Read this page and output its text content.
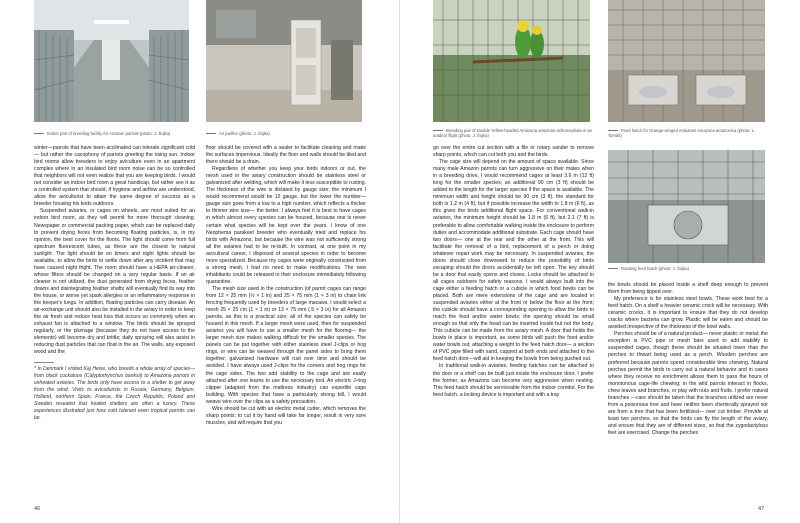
Indoor part of breeding facility for Amazon parrots (photo: J. Šojka)	Air purifier (photo: J. Šojka)

winter—parrots that have been acclimated can tolerate significant cold— but rather the cacophony of parrots greeting the rising sun. Indoor bird rooms allow breeders to enjoy aviculture even in an apartment complex where in an insulated bird room noise can be so controlled that neighbors will not even realize that you are keeping birds. I would not consider an indoor bird room a great handicap, but rather see it as a controlled system that should, if hygiene and airflow are understood, allow the aviculturist to attain the same degree of success as a breeder housing his birds outdoors.

Suspended aviaries, or cages on wheels, are most suited for an indoor bird room, as they will permit for more thorough cleaning. Newspaper or commercial packing paper, which can be replaced daily to prevent drying feces from becoming floating particles, is, in my opinion, the best cover for the floors. The light should come from full spectrum fluorescent tubes, as these are the closest to natural sunlight. The light should be on timers and night lights should be available, to allow the birds to settle down after any incident that may have caused night fright. The room should have a HEPA air-cleaner, whose filters should be changed on a very regular basis. If an air cleaner is not utilized, the dust generated from drying feces, feather downs and disintegrating feather shafts will eventually find its way into the house, or worse yet spark allergies or an inflammatory response in the keeper's lungs. In addition, floating particles can carry disease. An air-exchange unit should also be installed in the aviary in order to keep the air fresh and reduce heat loss that occurs so commonly when an exhaust fan is attached to a window. The birds should be sprayed regularly, or the plumage (because they do not have access to the elements) will become dry and brittle; daily spraying will also assist in reducing dust particles that can float in the air. The walls, any exposed wood and the

* In Denmark I visited Kaj Heise, who breeds a whole array of species—from black cockatoos (Calyptorhynchus banksii) to Amazona parrots in unheated aviaries. The birds only have access to a shelter to get away from the wind. Visits to aviculturists in Russia, Germany, Belgium, Holland, northern Spain, France, the Czech Republic, Poland and Sweden revealed that heated shelters are often a luxury. These experiences illustrated just how cold tolerant even tropical parrots can be.

floor should be covered with a sealer to facilitate cleaning and make the surfaces impervious. Ideally the floor and walls should be tiled and there should be a drain.

Regardless of whether you keep your birds indoors or out, the mesh used in the aviary construction should be stainless steel or galvanized after welding, which will make it less susceptible to rusting. The thickness of the wire is dictated by gauge size; the minimum I would recommend would be 12 gauge, but the lower the number— gauge size goes from a low to a high number, which reflects a thicker to thinner wire size— the better. I always feel it is best to have cages in which almost every species can be housed, because one is never certain what species will be kept over the years. I know of one Neophema parakeet breeder who eventually tried and replace his birds with Amazons, but because the wire was not sufficiently strong all the aviaries had to be re-built. In contrast, at one point in my avicultural career, I disposed of several species in order to become more specialized. Because my cages were originally constructed from a strong mesh, I had no need to make modifications. The new inhabitants could be released in their enclosure immediately following quarantine.

The mesh size used in the construction (of parrot cages can range from 12 × 25 mm (½ × 1 in) and 25 × 75 mm (1 × 3 in) to chain link fencing frequently used by breeders of large macaws. I would select a mesh 25 × 25 cm (1 × 1 in) or 13 × 75 mm (.5 × 3 in) for all Amazon parrots, as this is a practical size; all of the species can safely be housed in this mesh. If a larger mesh were used, then for suspended aviaries you will have to use a smaller mesh for the flooring— the larger mesh size makes walking difficult for the smaller species. The panels can be put together with either stainless steel J-clips or hog rings, or wire can be weaved through the panel sides to bring them together; galvanized hardware will rust over time and should be avoided. I have always used J-clips for the corners and hog rings for the cage sides. The two add stability to the cage and are easily attached after one learns to use the necessary tool. An electric J-ring clipper (adapted from the mattress industry) can expedite cage building. With species that have a particularly strong bill, I would weave wire over the clips as a safety precaution.

Wire should be cut with an electric metal cutter, which removes the sharp points; to cut it by hand will take far longer, result in very sore muscles, and will require that you

46
Breeding pair of Double Yellow-headed Amazona amazona ochrocephala in an outdoor flight (photo: J. Šojka)
Feed hatch for Orange-winged Amazons Amazona amazonica (photo: L. Tomáš)
Rotating feed hatch (photo: J. Šojka)

go over the entire cut section with a file or rotary sander to remove sharp points, which can cut both you and the birds.

The cage size will depend on the amount of space available. Since many male Amazon parrots can turn aggressive on their mates when in a breeding drive, I would recommend cages at least 3.6 m (12 ft) long for the smaller species; an additional 90 cm (3 ft) should be added to the length for the larger species if the space is available. The minimum width and height should be 90 cm (3 ft), the standard for both is 1.2 m (4 ft), but if possible increase the width to 1.8 m (6 ft), as this gives the birds additional flight space. For conventional walk-in aviaries, the minimum height should be 1.8 m (6 ft), but 2.1 (7 ft) is preferable to allow comfortable walking inside the enclosure to perform duties and accommodate additional substrate. Each cage should have two doors— one at the rear and the other at the front. This will facilitate the removal of a bird, replacement of a perch or doing whatever repair work may be necessary. In suspended aviaries, the doors should close downward to reduce the possibility of birds escaping should the doors accidentally be left open. The key should be a door that easily opens and closes. Locks should be attached to all cages outdoors for safety reasons. I would always built into the cage either a feeding hatch or a cubicle in which food bowls can be placed. Both are mere extensions of the cage and are located in suspended aviaries either at the front or below the floor at the front; the cubicle should have a corresponding opening to allow the birds to reach the food and/or water bowls; the opening should be small enough so that only the head can be inserted inside but not the body. This cubicle can be made from the aviary mesh. A door that holds the bowls in place is important, as some birds will push the food and/or water bowls out; attaching a weight to the feed hatch door— a section of PVC pipe filled with sand, capped at both ends and attached to the feed hatch door—will aid in keeping the bowls from being pushed out.

In traditional walk-in aviaries, feeding hatches can be attached to the door or a shelf can be built just inside the enclosure door. I prefer the former, as Amazons can become very aggressive when nesting. This feed hatch should be serviceable from the indoor corridor. For the feed hatch, a locking device is important and with a tray

the bowls should be placed inside a shelf deep enough to prevent them from being tipped over.

My preference is for stainless steel bowls. These work best for a feed hatch. On a shelf a heavier ceramic crock will be necessary. With ceramic crocks, it is important to ensure that they do not develop cracks where bacteria can grow. Plastic will be eaten and should be avoided irrespective of the thickness of the bowl walls.

Perches should be of a natural product— never plastic or metal; the exception is PVC pipe or mesh bars used to add stability to suspended cages, though these should be situated lower than the perches to thwart being used as a perch. Wooden perches are preferred because parrots spend considerable time chewing. Natural perches permit the birds to carry out a natural behavior and in cases where they receive no enrichment allows them to pass the hours of monotonous cage-life chewing; in the wild parrots interact in flocks, chew leaves and branches, or play with nuts and fruits. I prefer natural branches —care should be taken that the branches utilized are never from a poisonous tree and have neither been chemically sprayed nor are from a tree that has been fertilized— over cut timber. Provide at least two perches, so that the birds can fly the length of the aviary, and ensure that they are of different sizes, so that the zygodactylous feet are exercised. Change the perches

47
